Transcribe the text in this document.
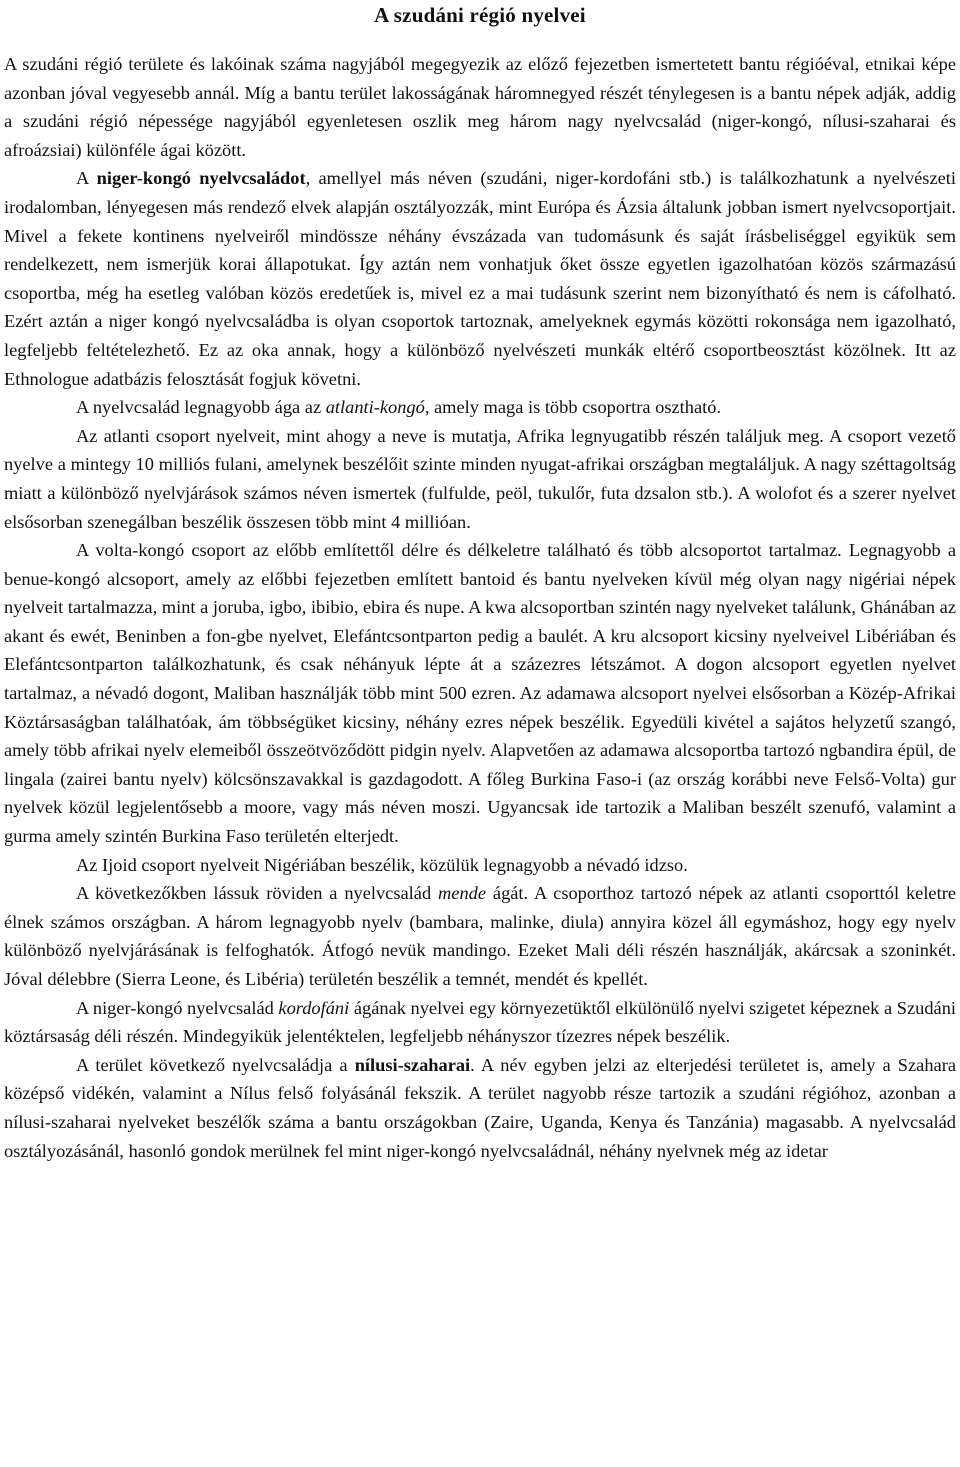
A szudáni régió nyelvei

A szudáni régió területe és lakóinak száma nagyjából megegyezik az előző fejezetben ismertetett bantu régióéval, etnikai képe azonban jóval vegyesebb annál. Míg a bantu terület lakosságának háromnegyed részét ténylegesen is a bantu népek adják, addig a szudáni régió népessége nagyjából egyenletesen oszlik meg három nagy nyelvcsalád (niger-kongó, nílusi-szaharai és afroázsiai) különféle ágai között.

A niger-kongó nyelvcsaládot, amellyel más néven (szudáni, niger-kordofáni stb.) is találkozhatunk a nyelvészeti irodalomban, lényegesen más rendező elvek alapján osztályozzák, mint Európa és Ázsia általunk jobban ismert nyelvcsoportjait. Mivel a fekete kontinens nyelveiről mindössze néhány évszázada van tudomásunk és saját írásbeliséggel egyikük sem rendelkezett, nem ismerjük korai állapotukat. Így aztán nem vonhatjuk őket össze egyetlen igazolhatóan közös származású csoportba, még ha esetleg valóban közös eredetűek is, mivel ez a mai tudásunk szerint nem bizonyítható és nem is cáfolható. Ezért aztán a niger kongó nyelvcsaládba is olyan csoportok tartoznak, amelyeknek egymás közötti rokonsága nem igazolható, legfeljebb feltételezhető. Ez az oka annak, hogy a különböző nyelvészeti munkák eltérő csoportbeosztást közölnek. Itt az Ethnologue adatbázis felosztását fogjuk követni.

A nyelvcsalád legnagyobb ága az atlanti-kongó, amely maga is több csoportra osztható.

Az atlanti csoport nyelveit, mint ahogy a neve is mutatja, Afrika legnyugatibb részén találjuk meg. A csoport vezető nyelve a mintegy 10 milliós fulani, amelynek beszélőit szinte minden nyugat-afrikai országban megtaláljuk. A nagy széttagoltság miatt a különböző nyelvjárások számos néven ismertek (fulfulde, peöl, tukulőr, futa dzsalon stb.). A wolofot és a szerer nyelvet elsősorban szenegálban beszélik összesen több mint 4 millióan.

A volta-kongó csoport az előbb említettől délre és délkeletre található és több alcsoportot tartalmaz. Legnagyobb a benue-kongó alcsoport, amely az előbbi fejezetben említett bantoid és bantu nyelveken kívül még olyan nagy nigériai népek nyelveit tartalmazza, mint a joruba, igbo, ibibio, ebira és nupe. A kwa alcsoportban szintén nagy nyelveket találunk, Ghánában az akant és ewét, Beninben a fon-gbe nyelvet, Elefántcsontparton pedig a baulét. A kru alcsoport kicsiny nyelveivel Libériában és Elefántcsontparton találkozhatunk, és csak néhányuk lépte át a százezres létszámot. A dogon alcsoport egyetlen nyelvet tartalmaz, a névadó dogont, Maliban használják több mint 500 ezren. Az adamawa alcsoport nyelvei elsősorban a Közép-Afrikai Köztársaságban találhatóak, ám többségüket kicsiny, néhány ezres népek beszélik. Egyedüli kivétel a sajátos helyzetű szangó, amely több afrikai nyelv elemeiből összeötvöződött pidgin nyelv. Alapvetően az adamawa alcsoportba tartozó ngbandira épül, de lingala (zairei bantu nyelv) kölcsönszavakkal is gazdagodott. A főleg Burkina Faso-i (az ország korábbi neve Felső-Volta) gur nyelvek közül legjelentősebb a moore, vagy más néven moszi. Ugyancsak ide tartozik a Maliban beszélt szenufó, valamint a gurma amely szintén Burkina Faso területén elterjedt.

Az Ijoid csoport nyelveit Nigériában beszélik, közülük legnagyobb a névadó idzso.

A következőkben lássuk röviden a nyelvcsalád mende ágát. A csoporthoz tartozó népek az atlanti csoporttól keletre élnek számos országban. A három legnagyobb nyelv (bambara, malinke, diula) annyira közel áll egymáshoz, hogy egy nyelv különböző nyelvjárásának is felfoghatók. Átfogó nevük mandingo. Ezeket Mali déli részén használják, akárcsak a szoninkét. Jóval délebbre (Sierra Leone, és Libéria) területén beszélik a temnét, mendét és kpellét.

A niger-kongó nyelvcsalád kordofáni ágának nyelvei egy környezetüktől elkülönülő nyelvi szigetet képeznek a Szudáni köztársaság déli részén. Mindegyikük jelentéktelen, legfeljebb néhányszor tízezres népek beszélik.

A terület következő nyelvcsaládja a nílusi-szaharai. A név egyben jelzi az elterjedési területet is, amely a Szahara középső vidékén, valamint a Nílus felső folyásánál fekszik. A terület nagyobb része tartozik a szudáni régióhoz, azonban a nílusi-szaharai nyelveket beszélők száma a bantu országokban (Zaire, Uganda, Kenya és Tanzánia) magasabb. A nyelvcsalád osztályozásánál, hasonló gondok merülnek fel mint niger-kongó nyelvcsaládnál, néhány nyelvnek még az idetar
